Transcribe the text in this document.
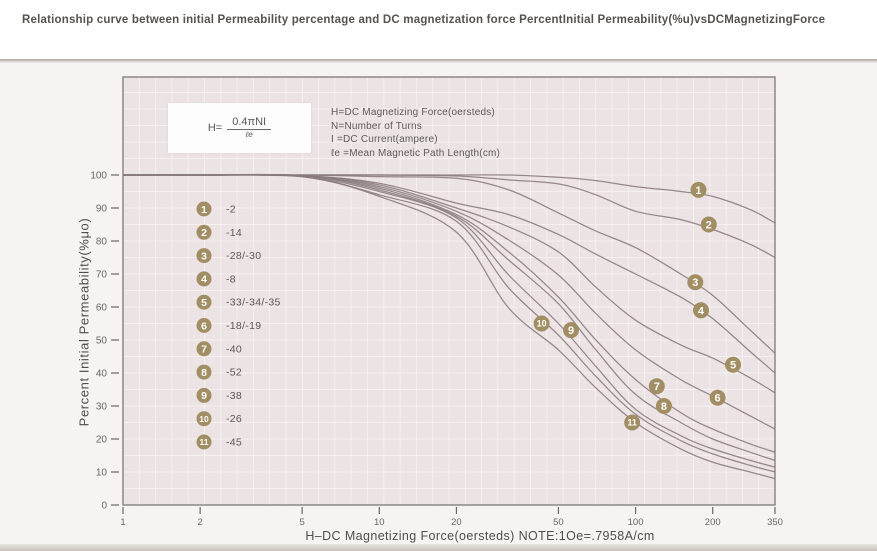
Relationship curve between initial Permeability percentage and DC magnetization force PercentInitial Permeability(%u)vsDCMagnetizingForce
100
90
80
70
60
50
40
30
20
10
0
1	2	5	10	20	50	100	200	350
1
2
3
4
5
6
7
8
9
10
11
1 -2
2 -14
3 -28/-30
4 -8
5 -33/-34/-35
6 -18/-19
7 -40
8 -52
9 -38
10 -26
11 -45
$H= \frac{\text{0.4πNI}}{\text{ℓe}}$
H=DC Magnetizing Force(oersteds)
N=Number of Turns
I =DC Current(ampere)
ℓe =Mean Magnetic Path Length(cm)
Percent Initial Permeability(%μo)
H–DC Magnetizing Force(oersteds) NOTE:1Oe=.7958A/cm
